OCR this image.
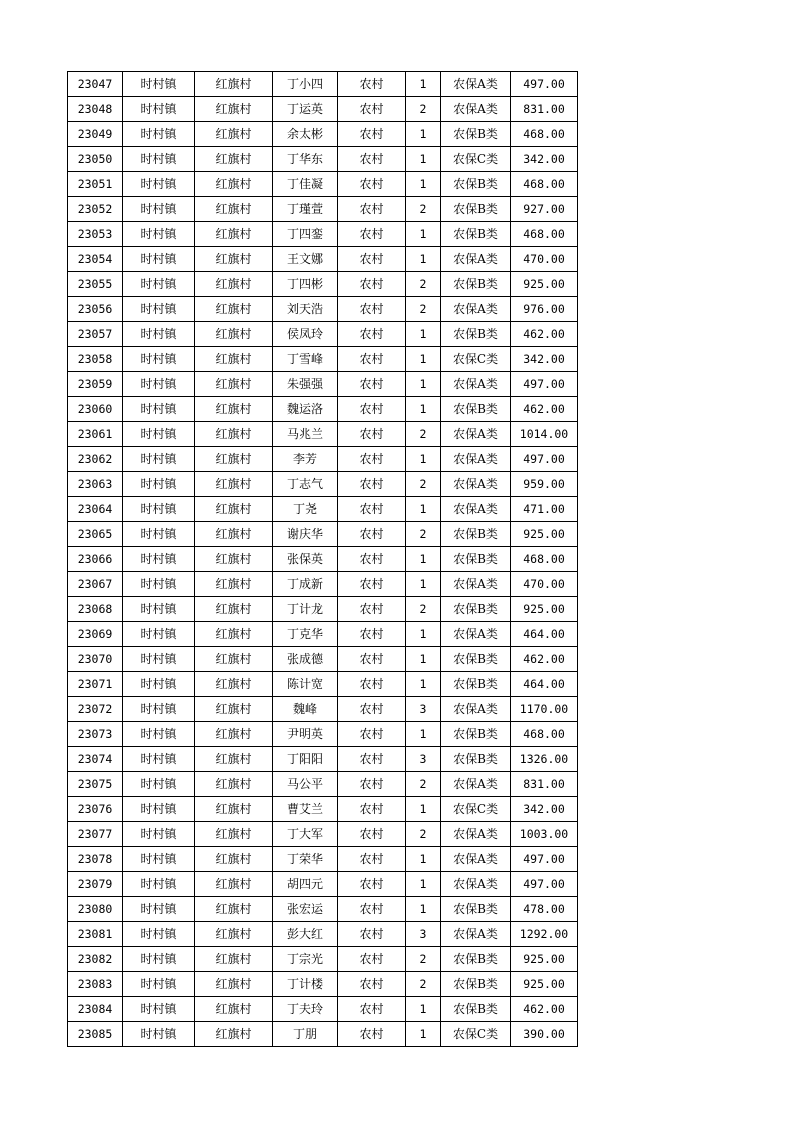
23047	时村镇	红旗村	丁小四	农村	1	农保A类	497.00
23048	时村镇	红旗村	丁运英	农村	2	农保A类	831.00
23049	时村镇	红旗村	余太彬	农村	1	农保B类	468.00
23050	时村镇	红旗村	丁华东	农村	1	农保C类	342.00
23051	时村镇	红旗村	丁佳凝	农村	1	农保B类	468.00
23052	时村镇	红旗村	丁瑾萱	农村	2	农保B类	927.00
23053	时村镇	红旗村	丁四銮	农村	1	农保B类	468.00
23054	时村镇	红旗村	王文娜	农村	1	农保A类	470.00
23055	时村镇	红旗村	丁四彬	农村	2	农保B类	925.00
23056	时村镇	红旗村	刘天浩	农村	2	农保A类	976.00
23057	时村镇	红旗村	侯凤玲	农村	1	农保B类	462.00
23058	时村镇	红旗村	丁雪峰	农村	1	农保C类	342.00
23059	时村镇	红旗村	朱强强	农村	1	农保A类	497.00
23060	时村镇	红旗村	魏运洛	农村	1	农保B类	462.00
23061	时村镇	红旗村	马兆兰	农村	2	农保A类	1014.00
23062	时村镇	红旗村	李芳	农村	1	农保A类	497.00
23063	时村镇	红旗村	丁志气	农村	2	农保A类	959.00
23064	时村镇	红旗村	丁尧	农村	1	农保A类	471.00
23065	时村镇	红旗村	谢庆华	农村	2	农保B类	925.00
23066	时村镇	红旗村	张保英	农村	1	农保B类	468.00
23067	时村镇	红旗村	丁成新	农村	1	农保A类	470.00
23068	时村镇	红旗村	丁计龙	农村	2	农保B类	925.00
23069	时村镇	红旗村	丁克华	农村	1	农保A类	464.00
23070	时村镇	红旗村	张成德	农村	1	农保B类	462.00
23071	时村镇	红旗村	陈计宽	农村	1	农保B类	464.00
23072	时村镇	红旗村	魏峰	农村	3	农保A类	1170.00
23073	时村镇	红旗村	尹明英	农村	1	农保B类	468.00
23074	时村镇	红旗村	丁阳阳	农村	3	农保B类	1326.00
23075	时村镇	红旗村	马公平	农村	2	农保A类	831.00
23076	时村镇	红旗村	曹艾兰	农村	1	农保C类	342.00
23077	时村镇	红旗村	丁大军	农村	2	农保A类	1003.00
23078	时村镇	红旗村	丁荣华	农村	1	农保A类	497.00
23079	时村镇	红旗村	胡四元	农村	1	农保A类	497.00
23080	时村镇	红旗村	张宏运	农村	1	农保B类	478.00
23081	时村镇	红旗村	彭大红	农村	3	农保A类	1292.00
23082	时村镇	红旗村	丁宗光	农村	2	农保B类	925.00
23083	时村镇	红旗村	丁计楼	农村	2	农保B类	925.00
23084	时村镇	红旗村	丁夫玲	农村	1	农保B类	462.00
23085	时村镇	红旗村	丁朋	农村	1	农保C类	390.00
